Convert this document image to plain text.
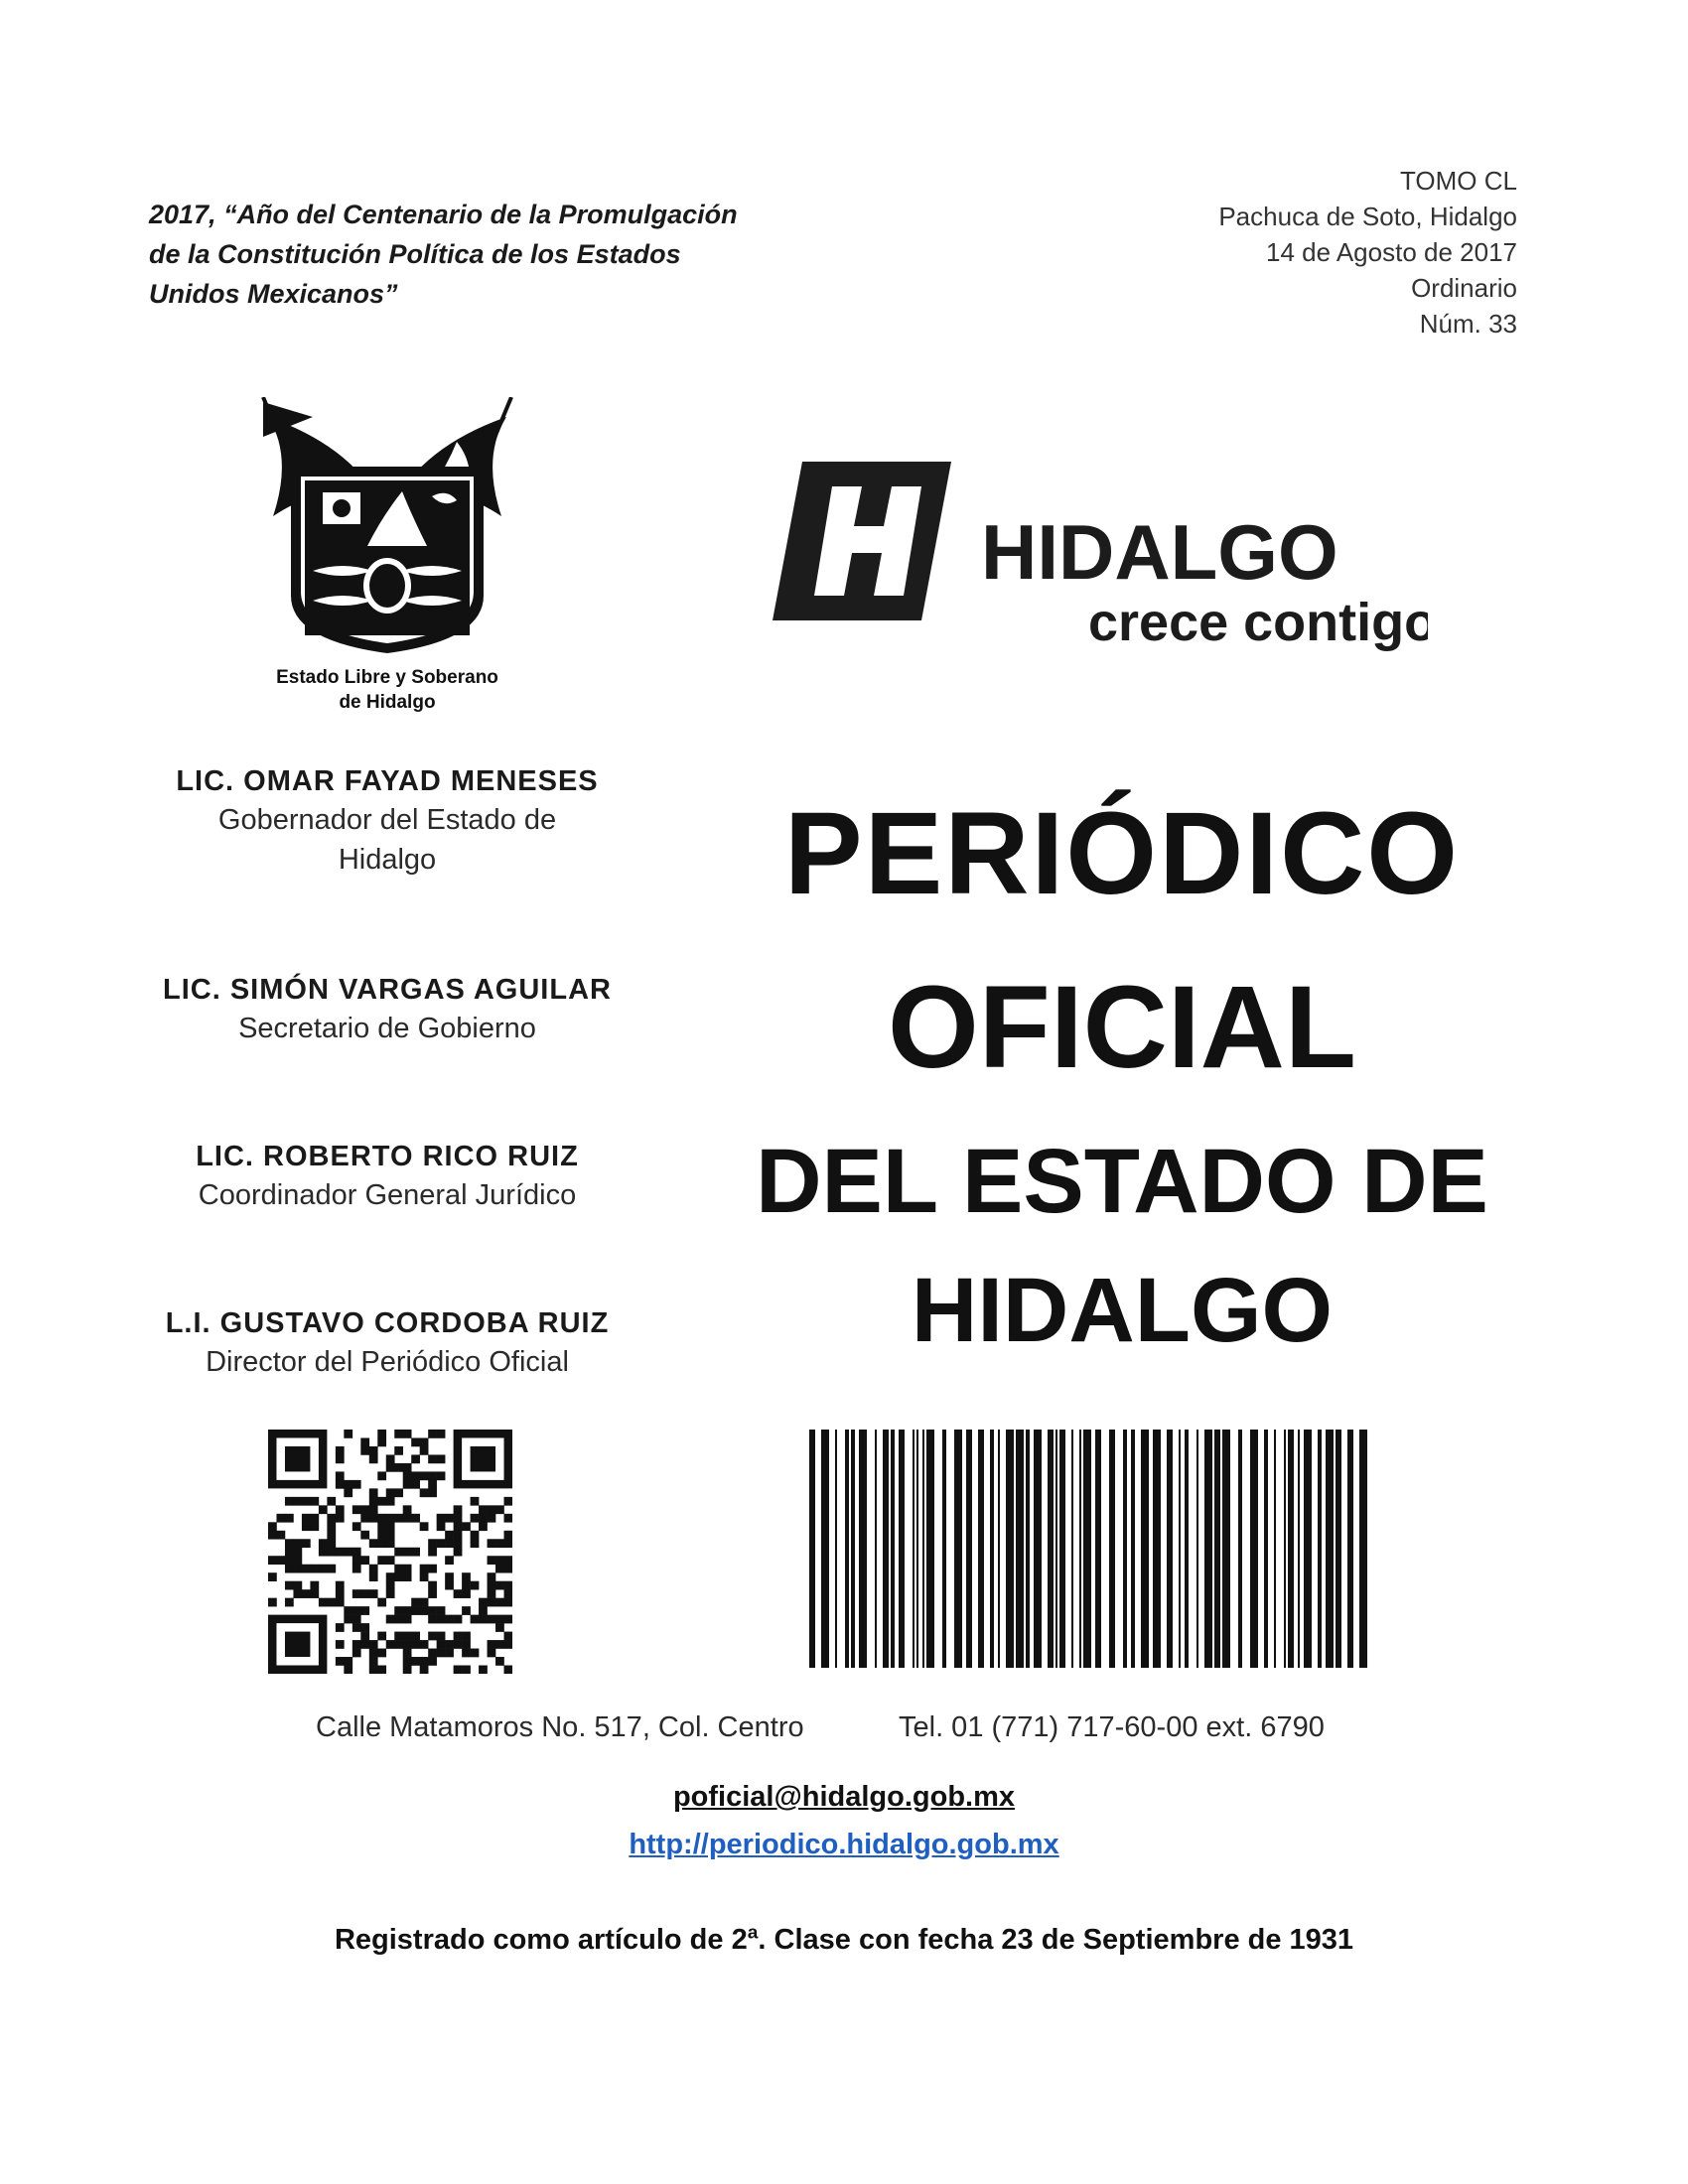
2017, “Año del Centenario de la Promulgación
de la Constitución Política de los Estados
Unidos Mexicanos”
TOMO CL
Pachuca de Soto, Hidalgo
14 de Agosto de 2017
Ordinario
Núm. 33
Estado Libre y Soberano
de Hidalgo
HIDALGO
crece contigo
LIC. OMAR FAYAD MENESES
Gobernador del Estado de
Hidalgo
LIC. SIMÓN VARGAS AGUILAR
Secretario de Gobierno
LIC. ROBERTO RICO RUIZ
Coordinador General Jurídico
L.I. GUSTAVO CORDOBA RUIZ
Director del Periódico Oficial
PERIÓDICO
OFICIAL
DEL ESTADO DE
HIDALGO
Calle Matamoros No. 517, Col. Centro	Tel. 01 (771) 717-60-00 ext. 6790
poficial@hidalgo.gob.mx
http://periodico.hidalgo.gob.mx
Registrado como artículo de 2ª. Clase con fecha 23 de Septiembre de 1931
